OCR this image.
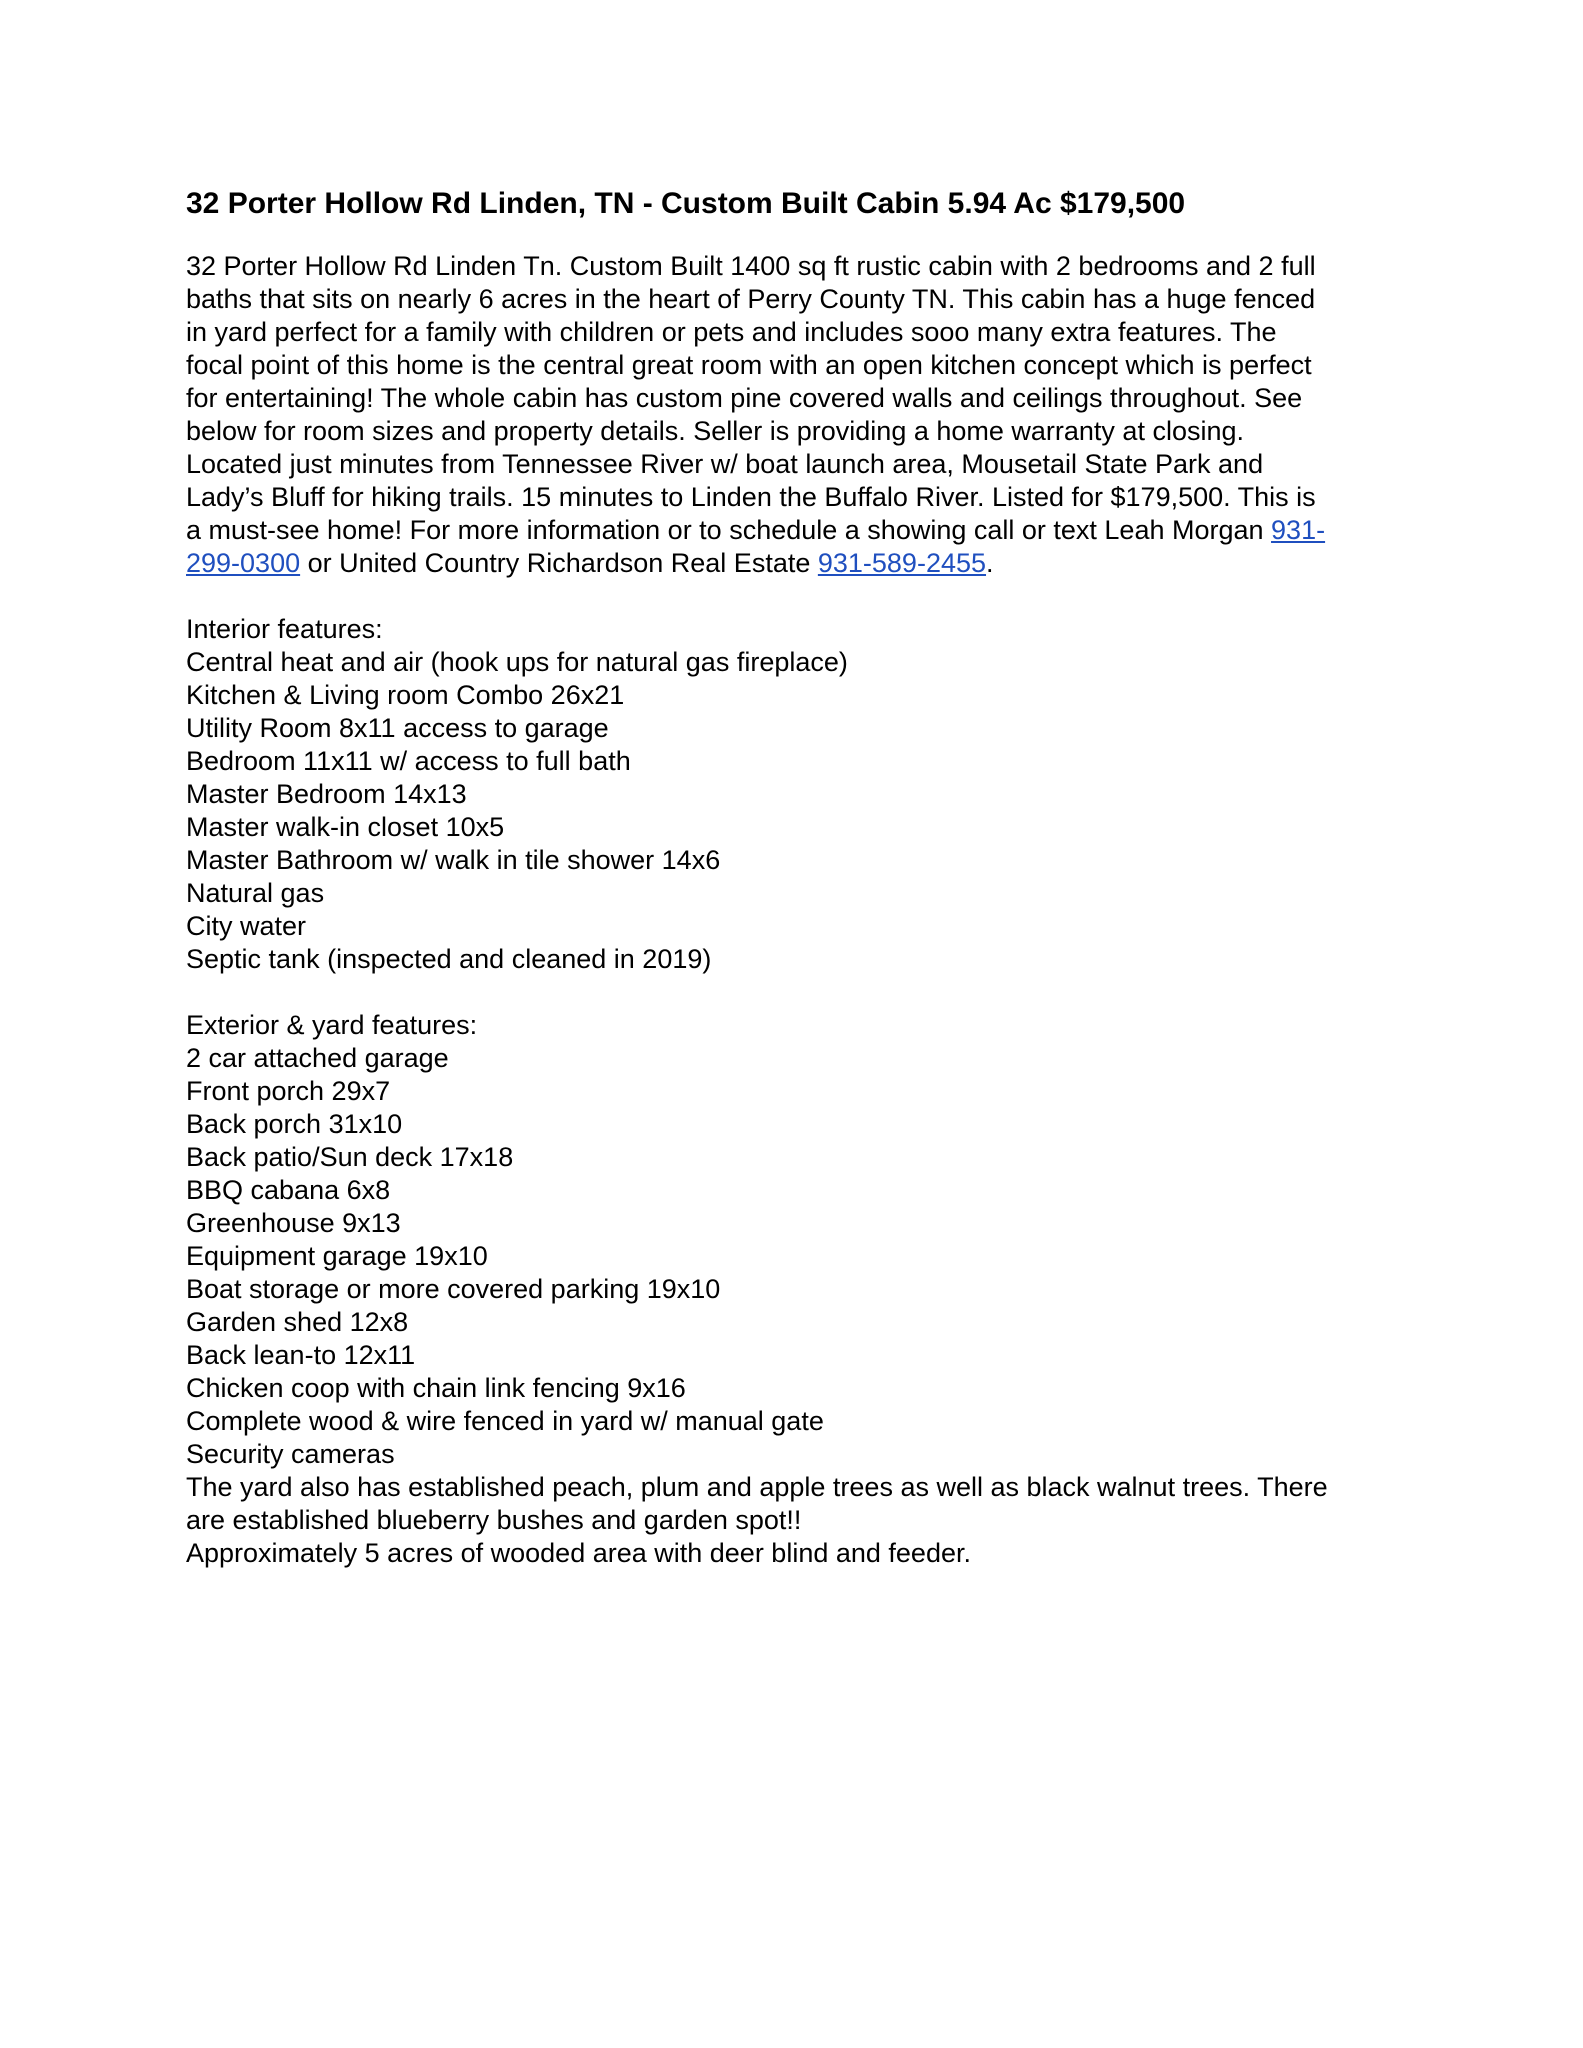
32 Porter Hollow Rd Linden, TN - Custom Built Cabin 5.94 Ac $179,500
32 Porter Hollow Rd Linden Tn. Custom Built 1400 sq ft rustic cabin with 2 bedrooms and 2 full
baths that sits on nearly 6 acres in the heart of Perry County TN. This cabin has a huge fenced
in yard perfect for a family with children or pets and includes sooo many extra features. The
focal point of this home is the central great room with an open kitchen concept which is perfect
for entertaining! The whole cabin has custom pine covered walls and ceilings throughout. See
below for room sizes and property details. Seller is providing a home warranty at closing.
Located just minutes from Tennessee River w/ boat launch area, Mousetail State Park and
Lady’s Bluff for hiking trails. 15 minutes to Linden the Buffalo River. Listed for $179,500. This is
a must-see home! For more information or to schedule a showing call or text Leah Morgan 931-
299-0300 or United Country Richardson Real Estate 931-589-2455.
Interior features:
Central heat and air (hook ups for natural gas fireplace)
Kitchen & Living room Combo 26x21
Utility Room 8x11 access to garage
Bedroom 11x11 w/ access to full bath
Master Bedroom 14x13
Master walk-in closet 10x5
Master Bathroom w/ walk in tile shower 14x6
Natural gas
City water
Septic tank (inspected and cleaned in 2019)
Exterior & yard features:
2 car attached garage
Front porch 29x7
Back porch 31x10
Back patio/Sun deck 17x18
BBQ cabana 6x8
Greenhouse 9x13
Equipment garage 19x10
Boat storage or more covered parking 19x10
Garden shed 12x8
Back lean-to 12x11
Chicken coop with chain link fencing 9x16
Complete wood & wire fenced in yard w/ manual gate
Security cameras
The yard also has established peach, plum and apple trees as well as black walnut trees. There
are established blueberry bushes and garden spot!!
Approximately 5 acres of wooded area with deer blind and feeder.
